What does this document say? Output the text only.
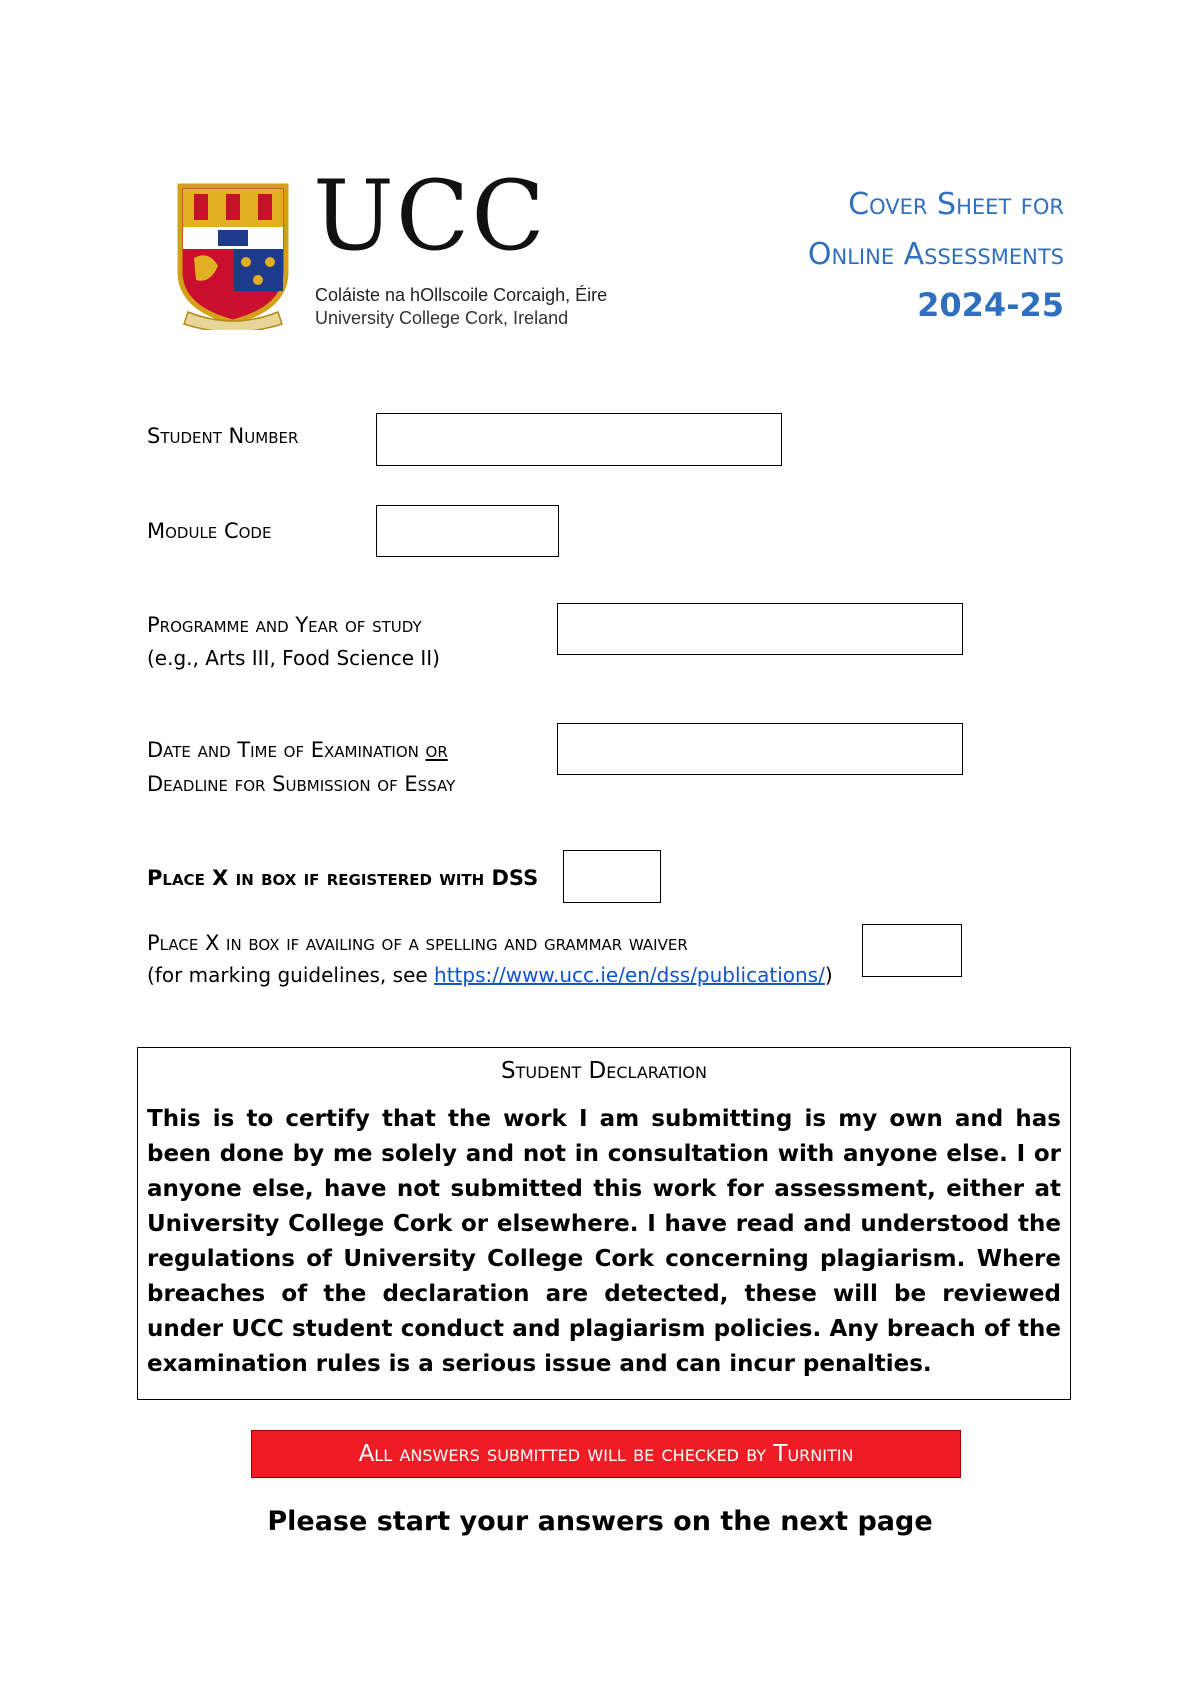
UCC
Coláiste na hOllscoile Corcaigh, Éire
University College Cork, Ireland
Cover Sheet for
Online Assessments
2024-25
Student Number
Module Code
Programme and Year of study
(e.g., Arts III, Food Science II)
Date and Time of Examination or
Deadline for Submission of Essay
Place X in box if registered with DSS
Place X in box if availing of a spelling and grammar waiver
(for marking guidelines, see https://www.ucc.ie/en/dss/publications/)
Student Declaration
This is to certify that the work I am submitting is my own and has been done by me solely and not in consultation with anyone else. I or anyone else, have not submitted this work for assessment, either at University College Cork or elsewhere. I have read and understood the regulations of University College Cork concerning plagiarism. Where breaches of the declaration are detected, these will be reviewed under UCC student conduct and plagiarism policies. Any breach of the examination rules is a serious issue and can incur penalties.
All answers submitted will be checked by Turnitin
Please start your answers on the next page
